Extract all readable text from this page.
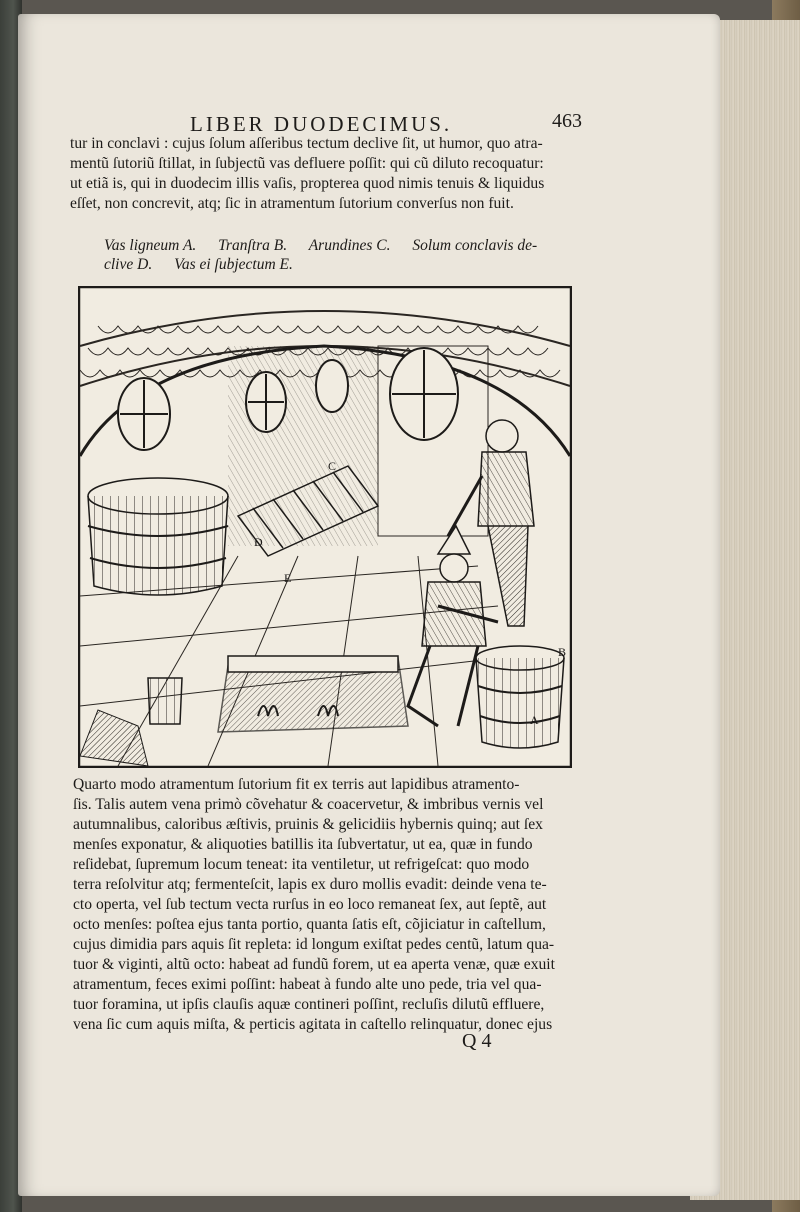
LIBER DUODECIMUS.	463
tur in conclavi : cujus ſolum aſſeribus tectum declive ſit, ut humor, quo atra-
mentũ ſutoriũ ſtillat, in ſubjectũ vas defluere poſſit: qui cũ diluto recoquatur:
ut etiã is, qui in duodecim illis vaſis, propterea quod nimis tenuis & liquidus
eſſet, non concrevit, atq; ſic in atramentum ſutorium converſus non fuit.
Vas ligneum A. Tranſtra B. Arundines C. Solum conclavis de-
clive D. Vas ei ſubjectum E.
A
B
C
D
E
Quarto modo atramentum ſutorium fit ex terris aut lapidibus atramento-
ſis. Talis autem vena primò cõvehatur & coacervetur, & imbribus vernis vel
autumnalibus, caloribus æſtivis, pruinis & gelicidiis hybernis quinq; aut ſex
menſes exponatur, & aliquoties batillis ita ſubvertatur, ut ea, quæ in fundo
reſidebat, ſupremum locum teneat: ita ventiletur, ut refrigeſcat: quo modo
terra reſolvitur atq; fermenteſcit, lapis ex duro mollis evadit: deinde vena te-
cto operta, vel ſub tectum vecta rurſus in eo loco remaneat ſex, aut ſeptẽ, aut
octo menſes: poſtea ejus tanta portio, quanta ſatis eſt, cõjiciatur in caſtellum,
cujus dimidia pars aquis ſit repleta: id longum exiſtat pedes centũ, latum qua-
tuor & viginti, altũ octo: habeat ad fundũ forem, ut ea aperta venæ, quæ exuit
atramentum, feces eximi poſſint: habeat à fundo alte uno pede, tria vel qua-
tuor foramina, ut ipſis clauſis aquæ contineri poſſint, recluſis dilutũ effluere,
vena ſic cum aquis miſta, & perticis agitata in caſtello relinquatur, donec ejus
Q 4
